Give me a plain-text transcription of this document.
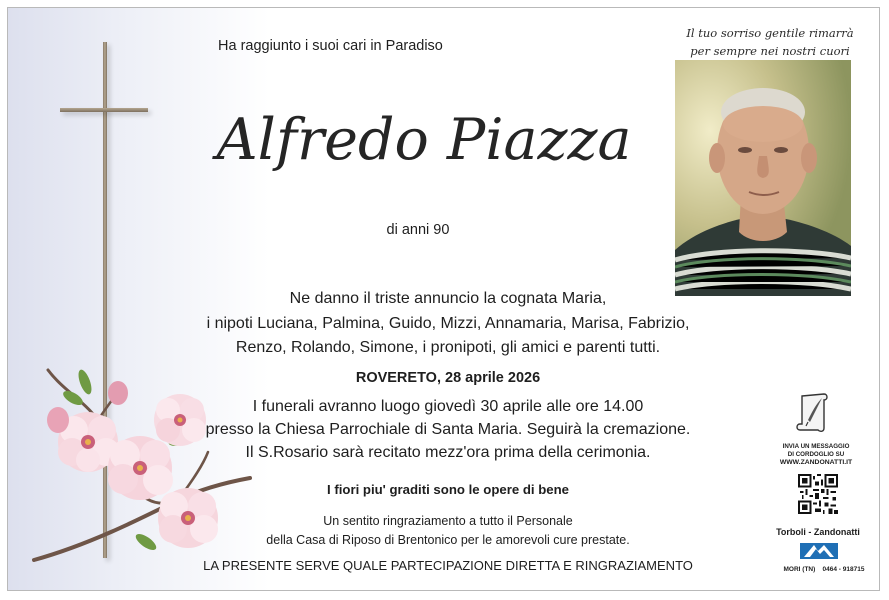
Ha raggiunto i suoi cari in Paradiso
Alfredo Piazza
di anni 90
Il tuo sorriso gentile rimarrà
per sempre nei nostri cuori
Ne danno il triste annuncio la cognata Maria,
i nipoti Luciana, Palmina, Guido, Mizzi, Annamaria, Marisa, Fabrizio,
Renzo, Rolando, Simone, i pronipoti, gli amici e parenti tutti.
ROVERETO, 28 aprile 2026
I funerali avranno luogo giovedì 30 aprile alle ore 14.00
presso la Chiesa Parrochiale di Santa Maria. Seguirà la cremazione.
Il S.Rosario sarà recitato mezz'ora prima della cerimonia.
I fiori piu' graditi sono le opere di bene
Un sentito ringraziamento a tutto il Personale
della Casa di Riposo di Brentonico per le amorevoli cure prestate.
LA PRESENTE SERVE QUALE PARTECIPAZIONE DIRETTA E RINGRAZIAMENTO
INVIA UN MESSAGGIO
DI CORDOGLIO SU
WWW.ZANDONATTI.IT
Torboli - Zandonatti
MORI (TN) 0464 - 918715
